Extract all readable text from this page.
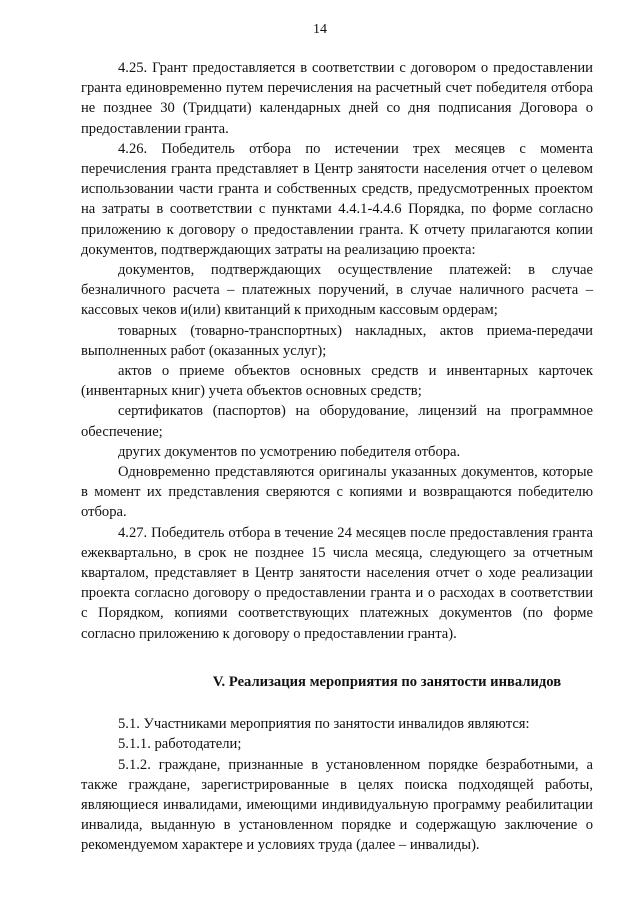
14

4.25. Грант предоставляется в соответствии с договором о предоставлении гранта единовременно путем перечисления на расчетный счет победителя отбора не позднее 30 (Тридцати) календарных дней со дня подписания Договора о предоставлении гранта.

4.26. Победитель отбора по истечении трех месяцев с момента перечисления гранта представляет в Центр занятости населения отчет о целевом использовании части гранта и собственных средств, предусмотренных проектом на затраты в соответствии с пунктами 4.4.1-4.4.6 Порядка, по форме согласно приложению к договору о предоставлении гранта. К отчету прилагаются копии документов, подтверждающих затраты на реализацию проекта:

документов, подтверждающих осуществление платежей: в случае безналичного расчета – платежных поручений, в случае наличного расчета – кассовых чеков и(или) квитанций к приходным кассовым ордерам;

товарных (товарно-транспортных) накладных, актов приема-передачи выполненных работ (оказанных услуг);

актов о приеме объектов основных средств и инвентарных карточек (инвентарных книг) учета объектов основных средств;

сертификатов (паспортов) на оборудование, лицензий на программное обеспечение;

других документов по усмотрению победителя отбора.

Одновременно представляются оригиналы указанных документов, которые в момент их представления сверяются с копиями и возвращаются победителю отбора.

4.27. Победитель отбора в течение 24 месяцев после предоставления гранта ежеквартально, в срок не позднее 15 числа месяца, следующего за отчетным кварталом, представляет в Центр занятости населения отчет о ходе реализации проекта согласно договору о предоставлении гранта и о расходах в соответствии с Порядком, копиями соответствующих платежных документов (по форме согласно приложению к договору о предоставлении гранта).

V. Реализация мероприятия по занятости инвалидов

5.1. Участниками мероприятия по занятости инвалидов являются:

5.1.1. работодатели;

5.1.2. граждане, признанные в установленном порядке безработными, а также граждане, зарегистрированные в целях поиска подходящей работы, являющиеся инвалидами, имеющими индивидуальную программу реабилитации инвалида, выданную в установленном порядке и содержащую заключение о рекомендуемом характере и условиях труда (далее – инвалиды).
